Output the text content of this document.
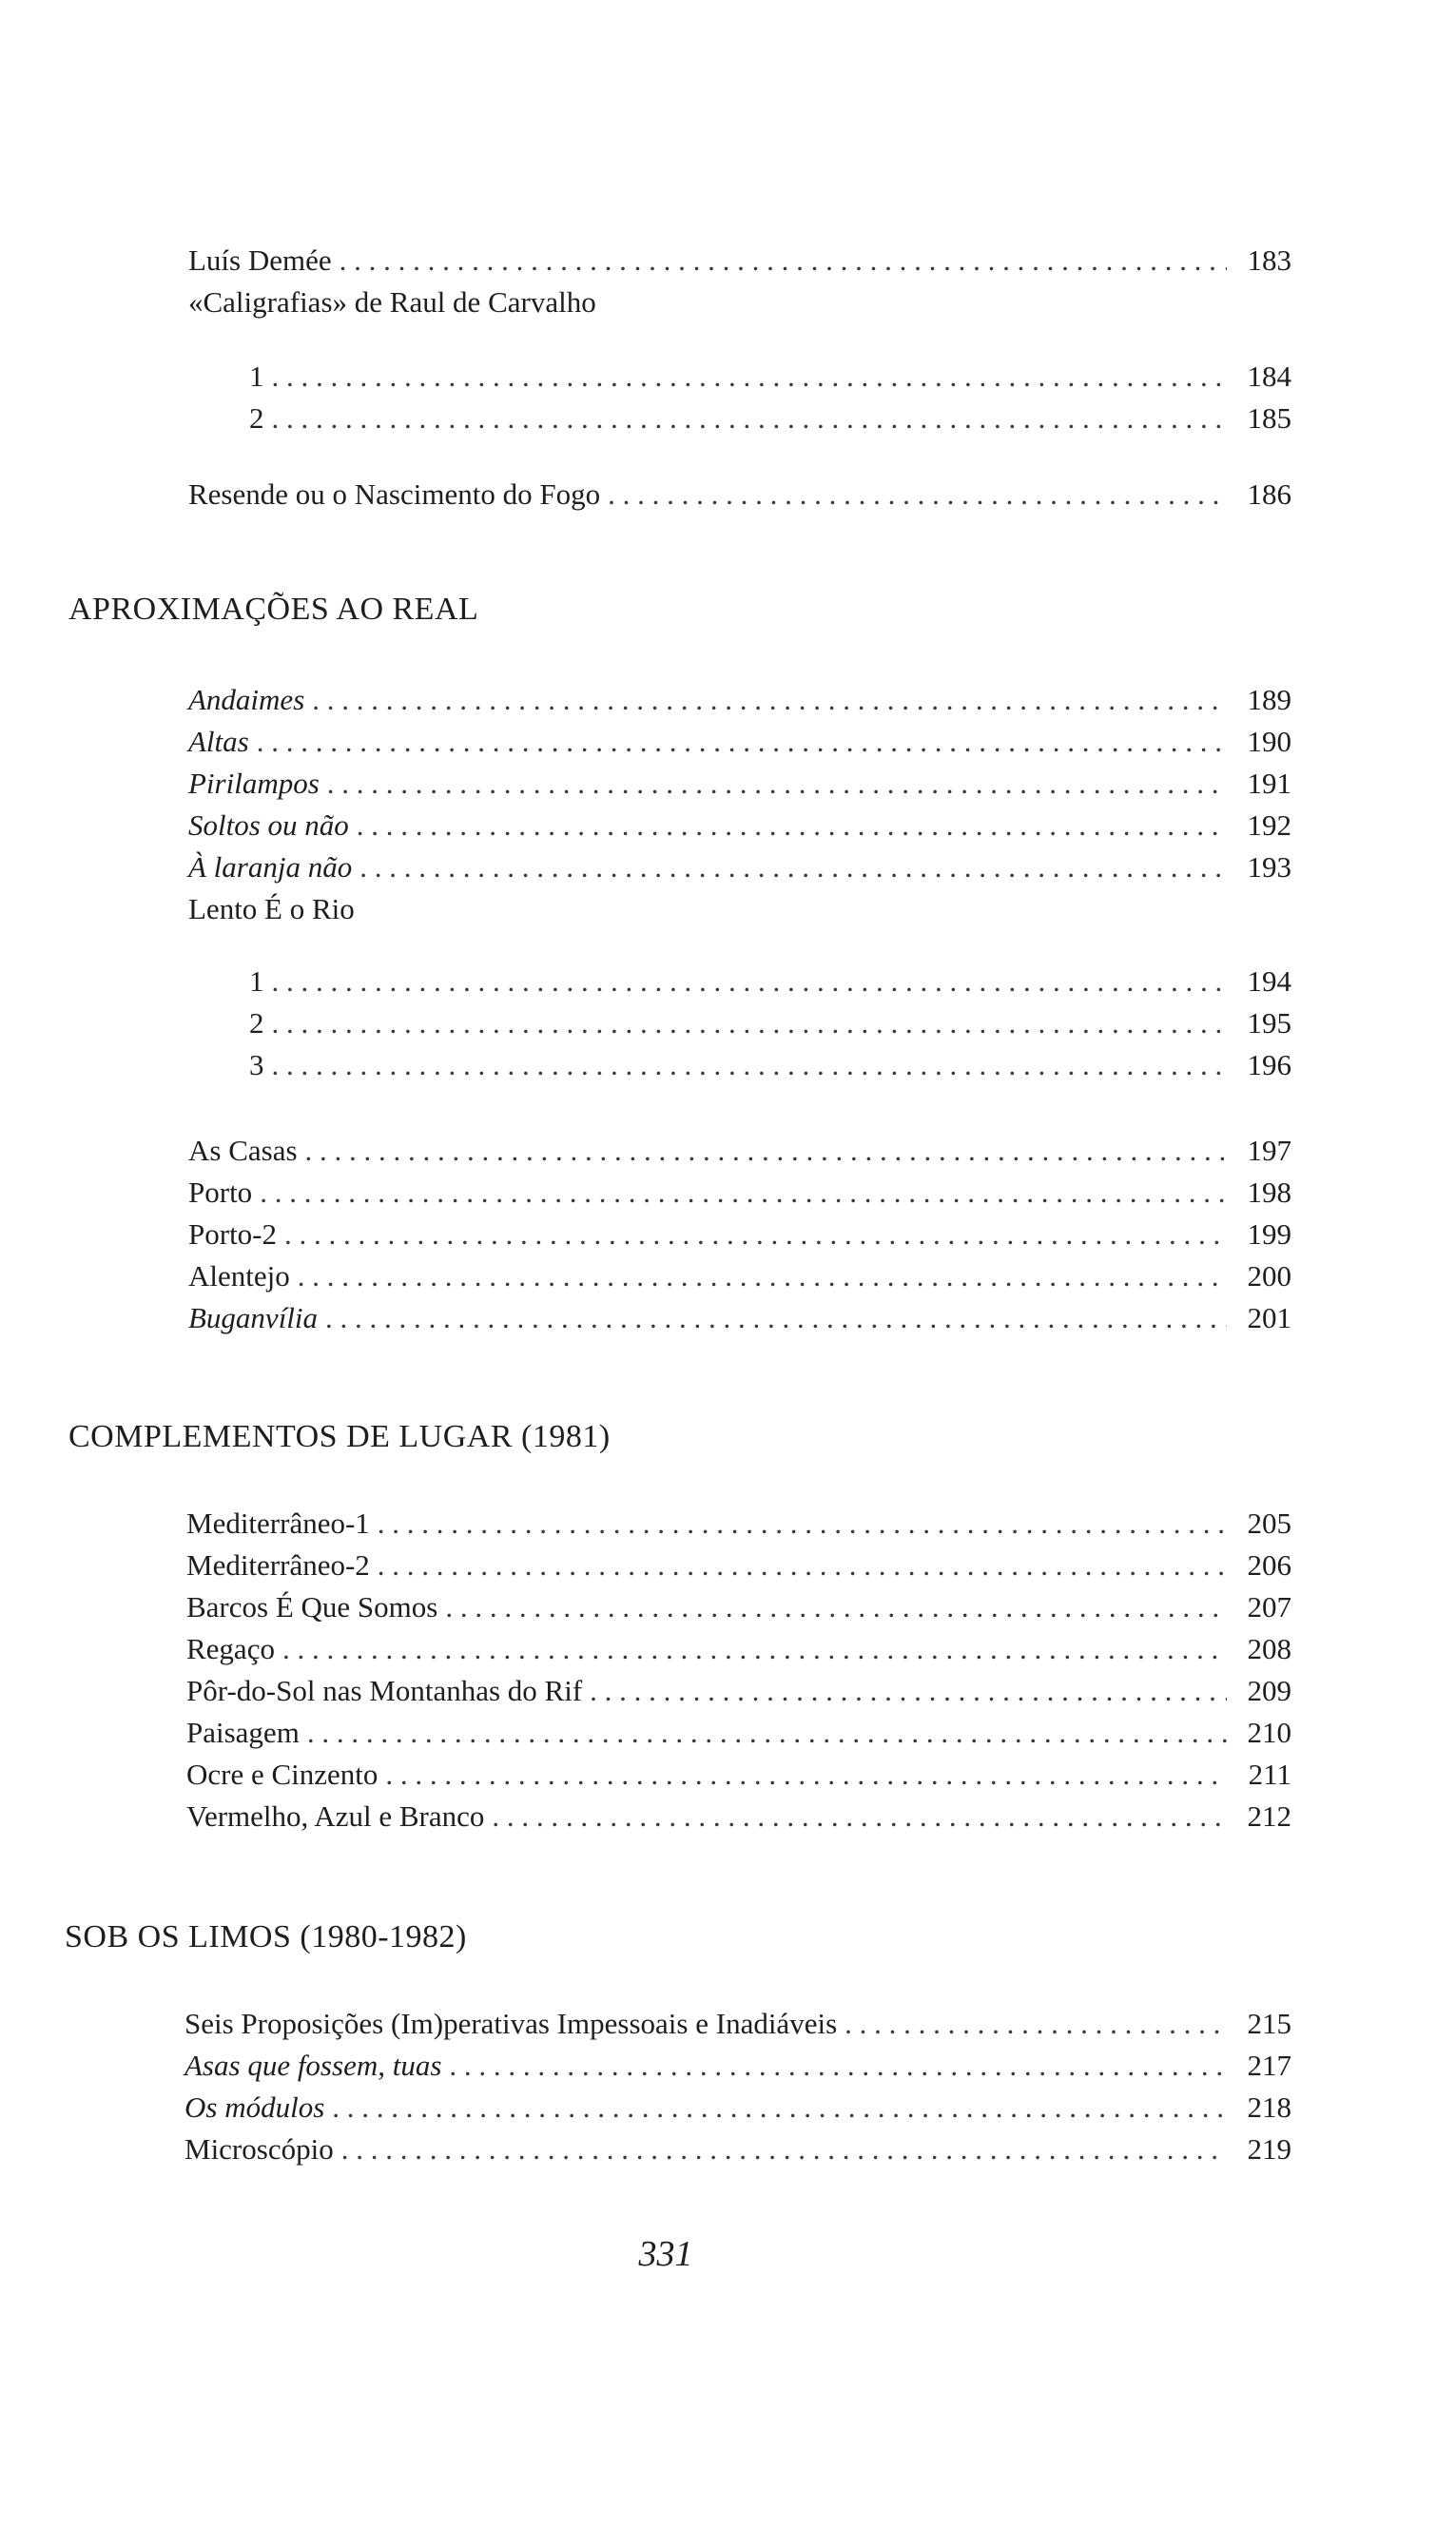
Luís Demée . . .	183
«Caligrafias» de Raul de Carvalho
1 . . .	184
2 . . .	185
Resende ou o Nascimento do Fogo . . .	186
APROXIMAÇÕES AO REAL
Andaimes . . .	189
Altas . . .	190
Pirilampos . . .	191
Soltos ou não . . .	192
À laranja não . . .	193
Lento É o Rio
1 . . .	194
2 . . .	195
3 . . .	196
As Casas . . .	197
Porto . . .	198
Porto-2 . . .	199
Alentejo . . .	200
Buganvília . . .	201
COMPLEMENTOS DE LUGAR (1981)
Mediterrâneo-1 . . .	205
Mediterrâneo-2 . . .	206
Barcos É Que Somos . . .	207
Regaço . . .	208
Pôr-do-Sol nas Montanhas do Rif . . .	209
Paisagem . . .	210
Ocre e Cinzento . . .	211
Vermelho, Azul e Branco . . .	212
SOB OS LIMOS (1980-1982)
Seis Proposições (Im)perativas Impessoais e Inadiáveis . . .	215
Asas que fossem, tuas . . .	217
Os módulos . . .	218
Microscópio . . .	219
331
